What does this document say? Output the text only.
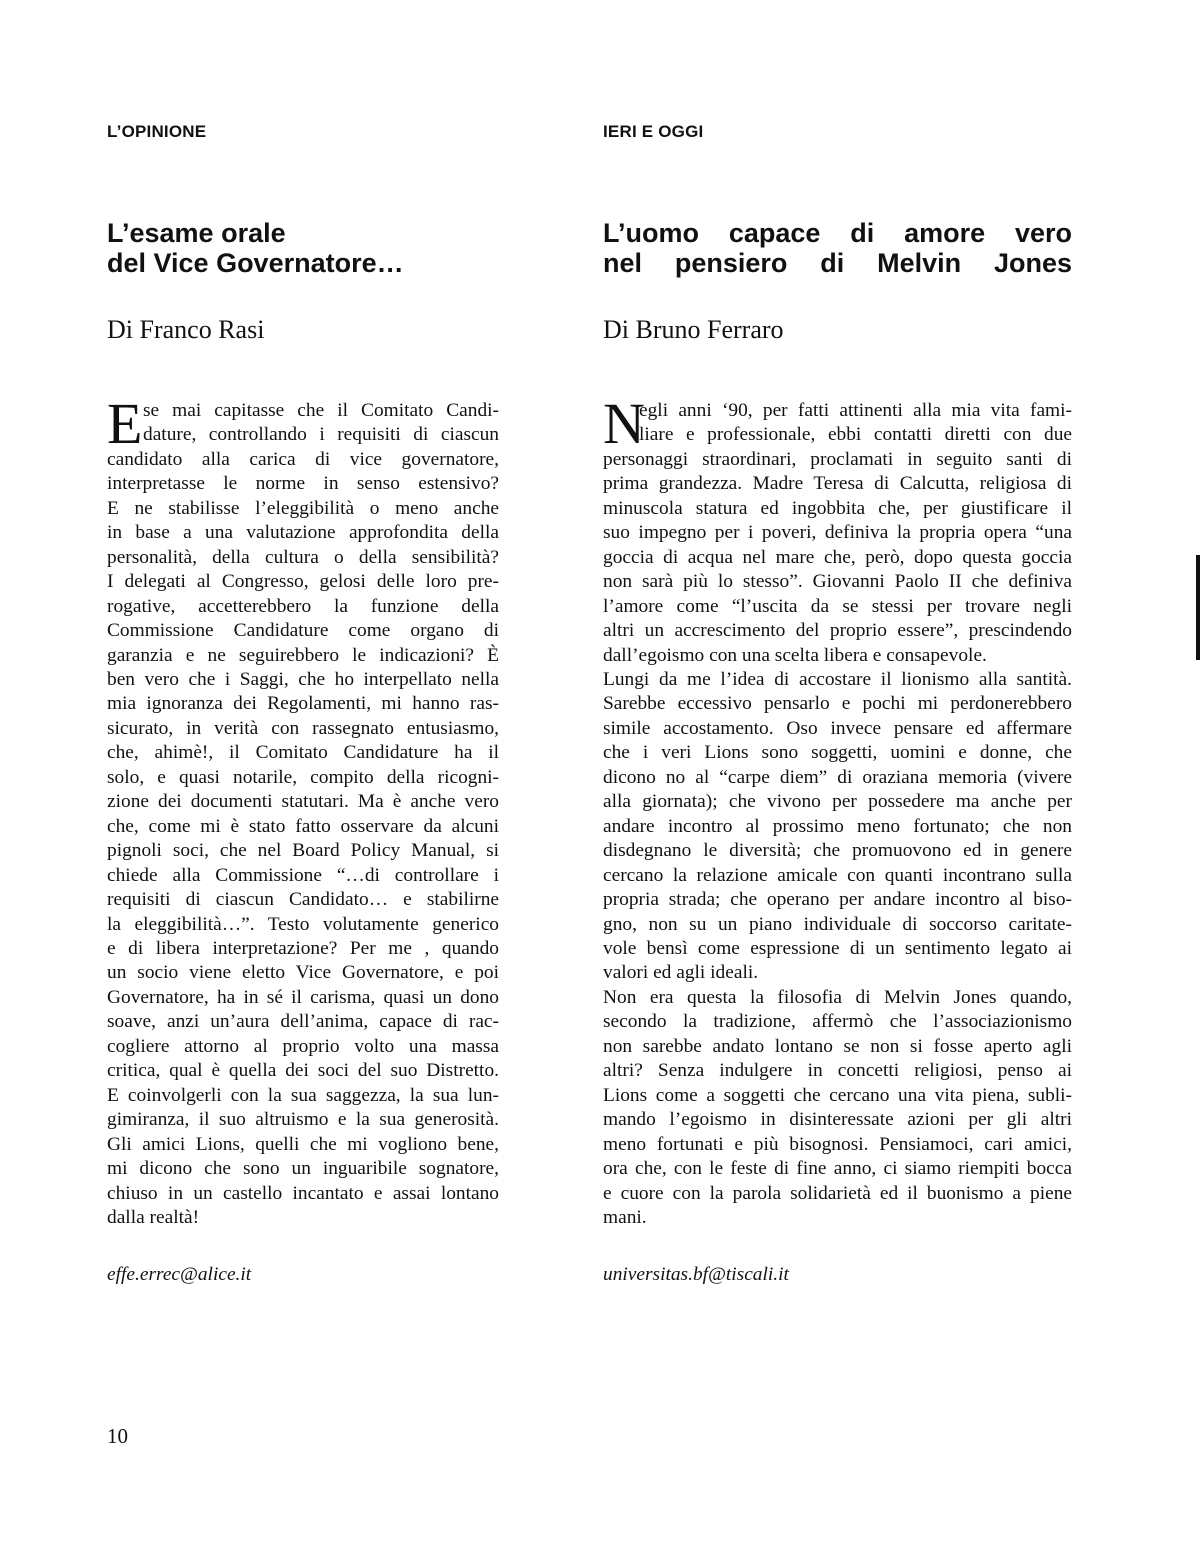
L’OPINIONE
L’esame orale
del Vice Governatore…

Di Franco Rasi

E se mai capitasse che il Comitato Candi-
dature, controllando i requisiti di ciascun
candidato alla carica di vice governatore,
interpretasse le norme in senso estensivo?
E ne stabilisse l’eleggibilità o meno anche
in base a una valutazione approfondita della
personalità, della cultura o della sensibilità?
I delegati al Congresso, gelosi delle loro pre-
rogative, accetterebbero la funzione della
Commissione Candidature come organo di
garanzia e ne seguirebbero le indicazioni? È
ben vero che i Saggi, che ho interpellato nella
mia ignoranza dei Regolamenti, mi hanno ras-
sicurato, in verità con rassegnato entusiasmo,
che, ahimè!, il Comitato Candidature ha il
solo, e quasi notarile, compito della ricogni-
zione dei documenti statutari. Ma è anche vero
che, come mi è stato fatto osservare da alcuni
pignoli soci, che nel Board Policy Manual, si
chiede alla Commissione “…di controllare i
requisiti di ciascun Candidato… e stabilirne
la eleggibilità…”. Testo volutamente generico
e di libera interpretazione? Per me , quando
un socio viene eletto Vice Governatore, e poi
Governatore, ha in sé il carisma, quasi un dono
soave, anzi un’aura dell’anima, capace di rac-
cogliere attorno al proprio volto una massa
critica, qual è quella dei soci del suo Distretto.
E coinvolgerli con la sua saggezza, la sua lun-
gimiranza, il suo altruismo e la sua generosità.
Gli amici Lions, quelli che mi vogliono bene,
mi dicono che sono un inguaribile sognatore,
chiuso in un castello incantato e assai lontano
dalla realtà!

effe.errec@alice.it

IERI E OGGI
L’uomo capace di amore vero
nel pensiero di Melvin Jones

Di Bruno Ferraro

N
egli anni ‘90, per fatti attinenti alla mia vita fami-
liare e professionale, ebbi contatti diretti con due
personaggi straordinari, proclamati in seguito santi di
prima grandezza. Madre Teresa di Calcutta, religiosa di
minuscola statura ed ingobbita che, per giustificare il
suo impegno per i poveri, definiva la propria opera “una
goccia di acqua nel mare che, però, dopo questa goccia
non sarà più lo stesso”. Giovanni Paolo II che definiva
l’amore come “l’uscita da se stessi per trovare negli
altri un accrescimento del proprio essere”, prescindendo
dall’egoismo con una scelta libera e consapevole.

Lungi da me l’idea di accostare il lionismo alla santità.
Sarebbe eccessivo pensarlo e pochi mi perdonerebbero
simile accostamento. Oso invece pensare ed affermare
che i veri Lions sono soggetti, uomini e donne, che
dicono no al “carpe diem” di oraziana memoria (vivere
alla giornata); che vivono per possedere ma anche per
andare incontro al prossimo meno fortunato; che non
disdegnano le diversità; che promuovono ed in genere
cercano la relazione amicale con quanti incontrano sulla
propria strada; che operano per andare incontro al biso-
gno, non su un piano individuale di soccorso caritate-
vole bensì come espressione di un sentimento legato ai
valori ed agli ideali.

Non era questa la filosofia di Melvin Jones quando,
secondo la tradizione, affermò che l’associazionismo
non sarebbe andato lontano se non si fosse aperto agli
altri? Senza indulgere in concetti religiosi, penso ai
Lions come a soggetti che cercano una vita piena, subli-
mando l’egoismo in disinteressate azioni per gli altri
meno fortunati e più bisognosi. Pensiamoci, cari amici,
ora che, con le feste di fine anno, ci siamo riempiti bocca
e cuore con la parola solidarietà ed il buonismo a piene
mani.

universitas.bf@tiscali.it

10
